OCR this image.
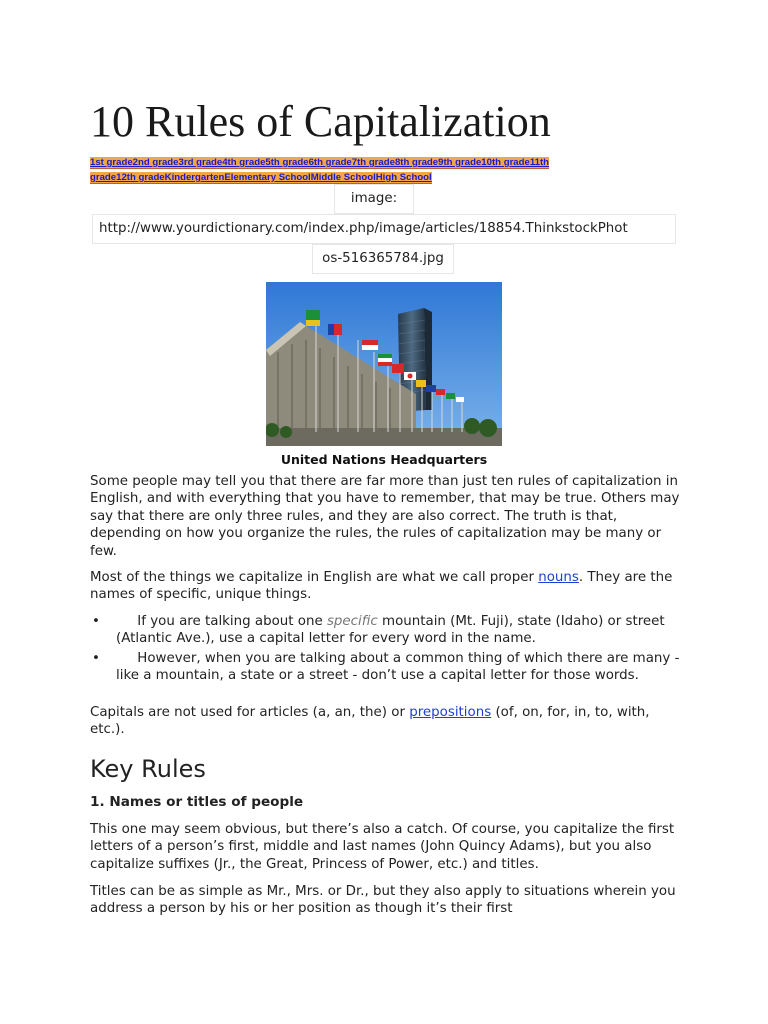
10 Rules of Capitalization
1st grade2nd grade3rd grade4th grade5th grade6th grade7th grade8th grade9th grade10th grade11th grade12th gradeKindergartenElementary SchoolMiddle SchoolHigh School
image:
http://www.yourdictionary.com/index.php/image/articles/18854.ThinkstockPhot
os-516365784.jpg
United Nations Headquarters

Some people may tell you that there are far more than just ten rules of capitalization in English, and with everything that you have to remember, that may be true. Others may say that there are only three rules, and they are also correct. The truth is that, depending on how you organize the rules, the rules of capitalization may be many or few.

Most of the things we capitalize in English are what we call proper nouns. They are the names of specific, unique things.

•	If you are talking about one specific mountain (Mt. Fuji), state (Idaho) or street (Atlantic Ave.), use a capital letter for every word in the name.
•	However, when you are talking about a common thing of which there are many - like a mountain, a state or a street - don’t use a capital letter for those words.

Capitals are not used for articles (a, an, the) or prepositions (of, on, for, in, to, with, etc.).

Key Rules
1. Names or titles of people

This one may seem obvious, but there’s also a catch. Of course, you capitalize the first letters of a person’s first, middle and last names (John Quincy Adams), but you also capitalize suffixes (Jr., the Great, Princess of Power, etc.) and titles.

Titles can be as simple as Mr., Mrs. or Dr., but they also apply to situations wherein you address a person by his or her position as though it’s their first
